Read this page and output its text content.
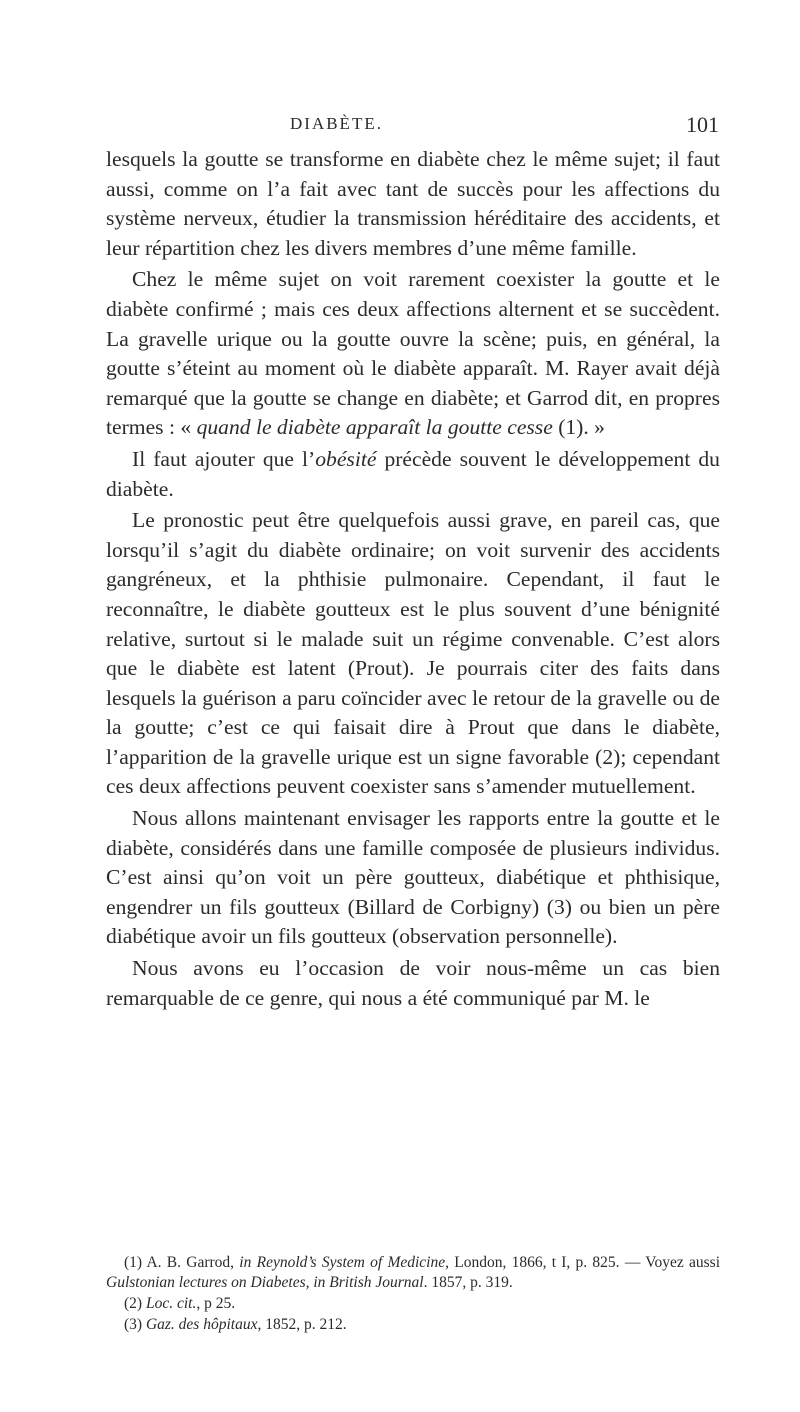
DIABÈTE.	101

lesquels la goutte se transforme en diabète chez le même sujet; il faut aussi, comme on l’a fait avec tant de succès pour les affections du système nerveux, étudier la transmission héréditaire des accidents, et leur répartition chez les divers membres d’une même famille.

Chez le même sujet on voit rarement coexister la goutte et le diabète confirmé ; mais ces deux affections alternent et se succèdent. La gravelle urique ou la goutte ouvre la scène; puis, en général, la goutte s’éteint au moment où le diabète apparaît. M. Rayer avait déjà remarqué que la goutte se change en diabète; et Garrod dit, en propres termes : « quand le diabète apparaît la goutte cesse (1). »

Il faut ajouter que l’obésité précède souvent le développement du diabète.

Le pronostic peut être quelquefois aussi grave, en pareil cas, que lorsqu’il s’agit du diabète ordinaire; on voit survenir des accidents gangréneux, et la phthisie pulmonaire. Cependant, il faut le reconnaître, le diabète goutteux est le plus souvent d’une bénignité relative, surtout si le malade suit un régime convenable. C’est alors que le diabète est latent (Prout). Je pourrais citer des faits dans lesquels la guérison a paru coïncider avec le retour de la gravelle ou de la goutte; c’est ce qui faisait dire à Prout que dans le diabète, l’apparition de la gravelle urique est un signe favorable (2); cependant ces deux affections peuvent coexister sans s’amender mutuellement.

Nous allons maintenant envisager les rapports entre la goutte et le diabète, considérés dans une famille composée de plusieurs individus. C’est ainsi qu’on voit un père goutteux, diabétique et phthisique, engendrer un fils goutteux (Billard de Corbigny) (3) ou bien un père diabétique avoir un fils goutteux (observation personnelle).

Nous avons eu l’occasion de voir nous-même un cas bien remarquable de ce genre, qui nous a été communiqué par M. le

(1) A. B. Garrod, in Reynold’s System of Medicine, London, 1866, t I, p. 825. — Voyez aussi Gulstonian lectures on Diabetes, in British Journal. 1857, p. 319.

(2) Loc. cit., p 25.

(3) Gaz. des hôpitaux, 1852, p. 212.
